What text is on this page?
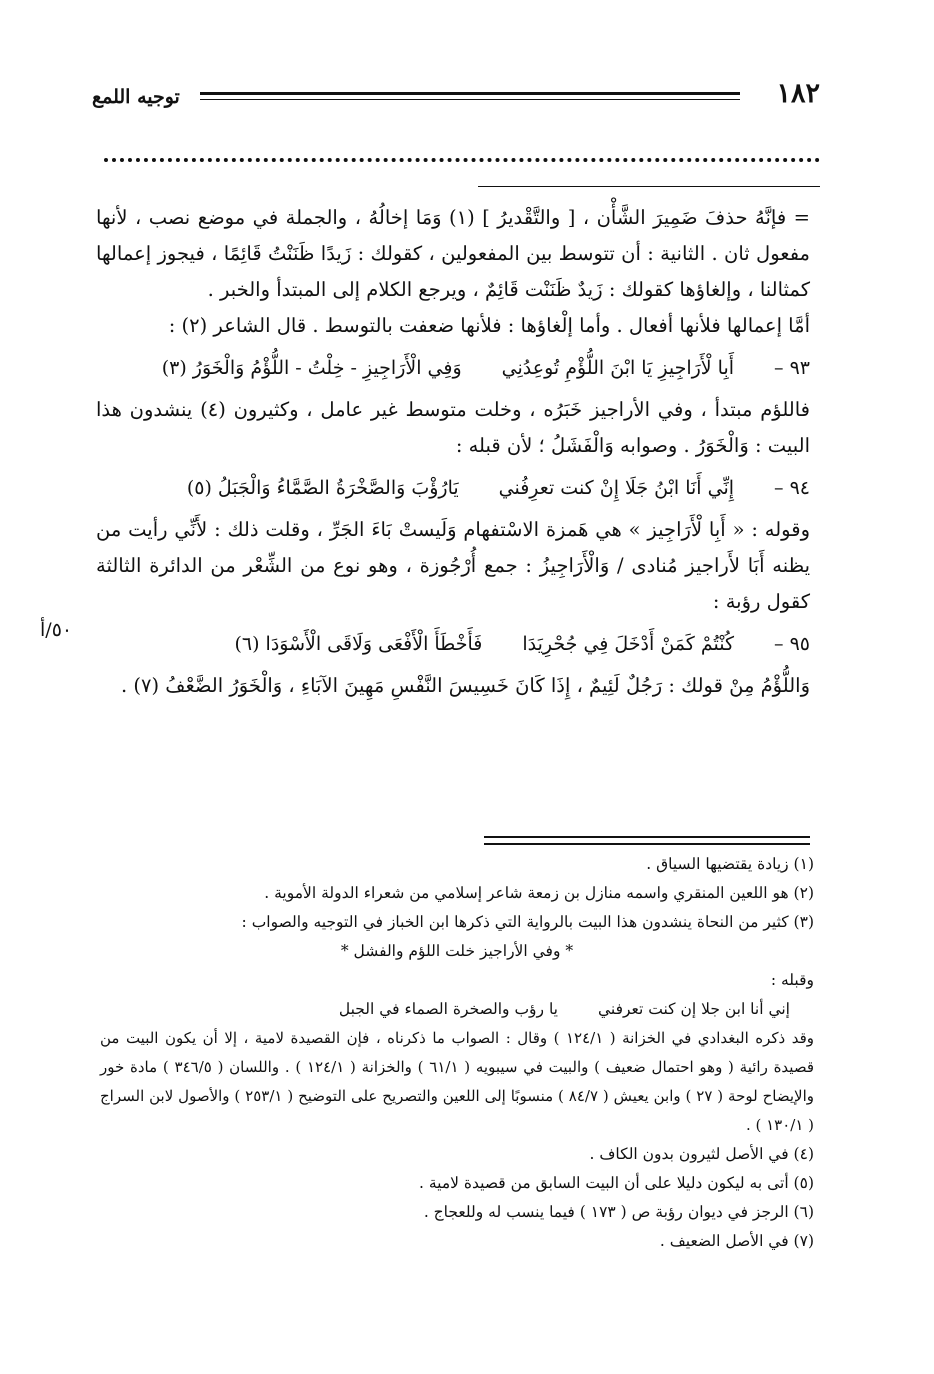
١٨٢
توجيه اللمع

= فإنَّهُ حذفَ ضَمِيرَ الشَّأْن ، [ والتَّقْديرُ ] (١) وَمَا إخالُهُ ، والجملة في موضع نصب ، لأنها مفعول ثان . الثانية : أن تتوسط بين المفعولين ، كقولك : زَيدًا ظَنَنْتُ قَائِمًا ، فيجوز إعمالها كمثالنا ، وإلغاؤها كقولك : زَيدٌ ظَنَنْت قَائِمٌ ، ويرجع الكلام إلى المبتدأ والخبر .

أمَّا إعمالها فلأنها أفعال . وأما إلْغاؤها : فلأنها ضعفت بالتوسط . قال الشاعر (٢) :

٩٣ –
أَبِا لْأَرَاجِيزِ يَا ابْنَ اللُّؤْمِ تُوعِدُنِي
وَفِي الْأَرَاجِيزِ - خِلْتُ - اللُّؤْمُ وَالْخَوَرُ (٣)

فاللؤم مبتدأ ، وفي الأراجيز خَبَرُه ، وخلت متوسط غير عامل ، وكثيرون (٤) ينشدون هذا البيت : وَالْخَوَرُ . وصوابه وَالْفَشَلُ ؛ لأن قبله :

٩٤ –
إِنِّي أَنَا ابْنُ جَلَا إِنْ كنت تعرِفُني
يَارُؤْبَ وَالصَّخْرَةُ الصَّمَّاءُ وَالْجَبَلُ (٥)

وقوله : « أَبِا لْأَرَاجِيز » هي هَمزة الاسْتفهام وَلَيستْ بَاءَ الجَرِّ ، وقلت ذلك : لأَنِّي رأيت من يظنه أَبَا لأَراجيز مُنادى / وَالْأَرَاجِيزُ : جمع أُرْجُوزة ، وهو نوع من الشِّعْر من الدائرة الثالثة كقول رؤبة :

٩٥ –
كُنْتُمْ كَمَنْ أَدْخَلَ فِي جُحْرِيَدَا
فَأَخْطَأَ الْأَفْعَى وَلَاقَى الْأَسْوَدَا (٦)

وَاللُّؤْمُ مِنْ قولك : رَجُلٌ لَئِيمٌ ، إِذَا كَانَ خَسِيسَ النَّفْسِ مَهِينَ الآبَاءِ ، وَالْخَوَرُ الضَّعْفُ (٧) .

٥٠/أ

(١) زيادة يقتضيها السياق .

(٢) هو اللعين المنقري واسمه منازل بن زمعة شاعر إسلامي من شعراء الدولة الأموية .

(٣) كثير من النحاة ينشدون هذا البيت بالرواية التي ذكرها ابن الخباز في التوجيه والصواب :

* وفي الأراجيز خلت اللؤم والفشل *

وقبله :

إني أنا ابن جلا إن كنت تعرفني
يا رؤب والصخرة الصماء في الجبل

وقد ذكره البغدادي في الخزانة ( ١٢٤/١ ) وقال : الصواب ما ذكرناه ، فإن القصيدة لامية ، إلا أن يكون البيت من قصيدة رائية ( وهو احتمال ضعيف ) والبيت في سيبويه ( ٦١/١ ) والخزانة ( ١٢٤/١ ) . واللسان ( ٣٤٦/٥ ) مادة خور والإيضاح لوحة ( ٢٧ ) وابن يعيش ( ٨٤/٧ ) منسوبًا إلى اللعين والتصريح على التوضيح ( ٢٥٣/١ ) والأصول لابن السراج ( ١٣٠/١ ) .

(٤) في الأصل لثيرون بدون الكاف .

(٥) أتى به ليكون دليلا على أن البيت السابق من قصيدة لامية .

(٦) الرجز في ديوان رؤبة ص ( ١٧٣ ) فيما ينسب له وللعجاج .

(٧) في الأصل الضعيف .
